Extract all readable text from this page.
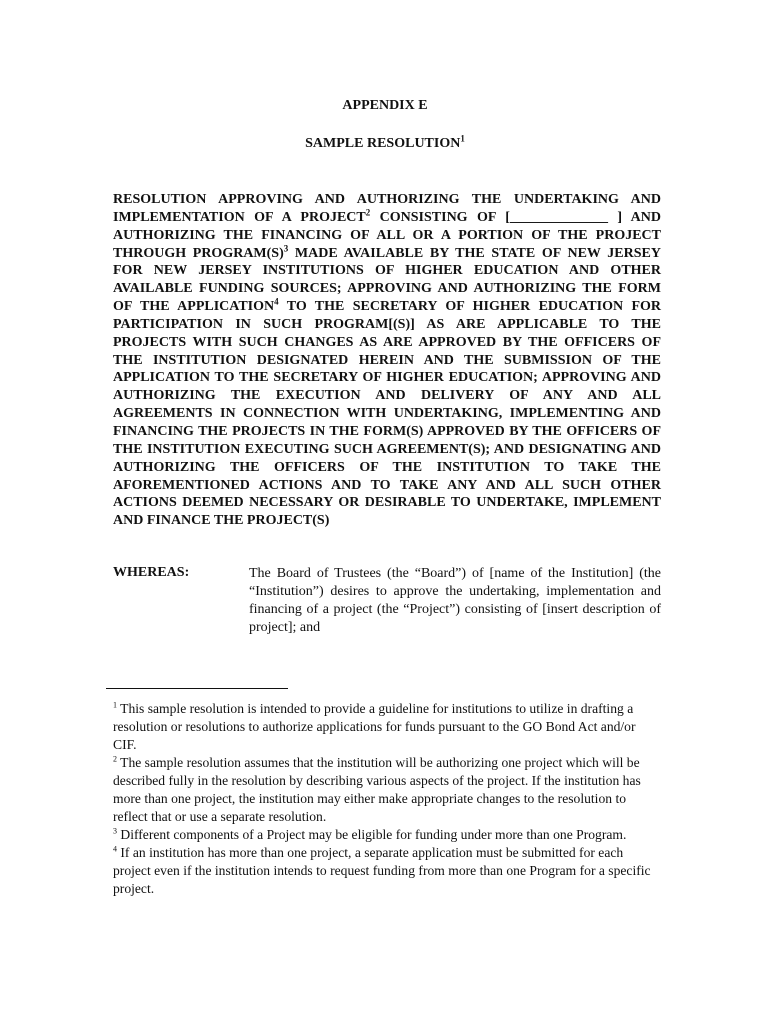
APPENDIX E
SAMPLE RESOLUTION$^1$
RESOLUTION APPROVING AND AUTHORIZING THE UNDERTAKING AND IMPLEMENTATION OF A PROJECT$^2$ CONSISTING OF [______________ ] AND AUTHORIZING THE FINANCING OF ALL OR A PORTION OF THE PROJECT THROUGH $PROGRAM(S)^3$ MADE AVAILABLE BY THE STATE OF NEW JERSEY FOR NEW JERSEY INSTITUTIONS OF HIGHER EDUCATION AND OTHER AVAILABLE FUNDING SOURCES; APPROVING AND AUTHORIZING THE FORM OF THE APPLICATION$^4$ TO THE SECRETARY OF HIGHER EDUCATION FOR PARTICIPATION IN SUCH PROGRAM[(S)] AS ARE APPLICABLE TO THE PROJECTS WITH SUCH CHANGES AS ARE APPROVED BY THE OFFICERS OF THE INSTITUTION DESIGNATED HEREIN AND THE SUBMISSION OF THE APPLICATION TO THE SECRETARY OF HIGHER EDUCATION; APPROVING AND AUTHORIZING THE EXECUTION AND DELIVERY OF ANY AND ALL AGREEMENTS IN CONNECTION WITH UNDERTAKING, IMPLEMENTING AND FINANCING THE PROJECTS IN THE FORM(S) APPROVED BY THE OFFICERS OF THE INSTITUTION EXECUTING SUCH AGREEMENT(S); AND DESIGNATING AND AUTHORIZING THE OFFICERS OF THE INSTITUTION TO TAKE THE AFOREMENTIONED ACTIONS AND TO TAKE ANY AND ALL SUCH OTHER ACTIONS DEEMED NECESSARY OR DESIRABLE TO UNDERTAKE, IMPLEMENT AND FINANCE THE PROJECT(S)
WHEREAS:	The Board of Trustees (the “Board”) of [name of the Institution] (the “Institution”) desires to approve the undertaking, implementation and financing of a project (the “Project”) consisting of [insert description of project]; and

$^1$ This sample resolution is intended to provide a guideline for institutions to utilize in drafting a resolution or resolutions to authorize applications for funds pursuant to the GO Bond Act and/or CIF.

$^2$ The sample resolution assumes that the institution will be authorizing one project which will be described fully in the resolution by describing various aspects of the project. If the institution has more than one project, the institution may either make appropriate changes to the resolution to reflect that or use a separate resolution.

$^3$ Different components of a Project may be eligible for funding under more than one Program.

$^4$ If an institution has more than one project, a separate application must be submitted for each project even if the institution intends to request funding from more than one Program for a specific project.
